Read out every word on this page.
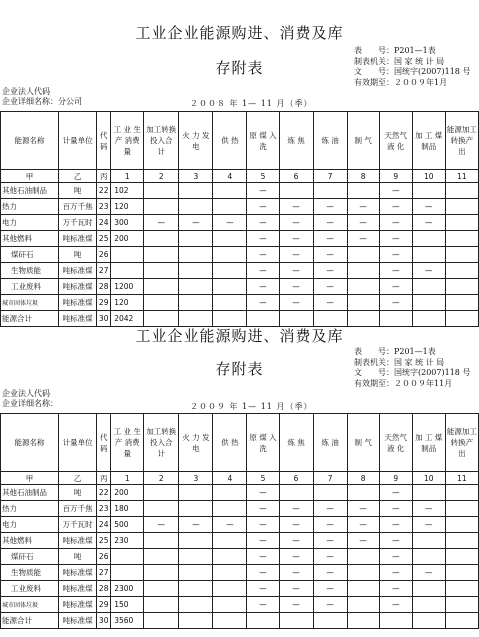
工业企业能源购进、消费及库
存附表
表　　号：P201—1表
制表机关：国 家 统 计 局
文　　号：国统字(2007)118 号
有效期至：２００９年1月
企业法人代码
企业详细名称：分公司	２００８ 年 1— 11 月（季）
能源名称	计量单位	代码	工 业 生 产 消费量	加工转换投入合 计	火 力 发 电	供 热	原 煤 入 洗	炼 焦	炼 油	制 气	天然气 液 化	加 工 煤制品	能源加工转换产 出
甲	乙	丙	1	2	3	4	5	6	7	8	9	10	11
其他石油制品	吨	22	102				—				—		
热力	百万千焦	23	120				—	—	—	—	—	—	
电力	万千瓦时	24	300	—	—	—	—	—	—	—	—	—	
其他燃料	吨标准煤	25	200				—	—	—	—	—		
煤矸石	吨	26					—	—	—		—		
生物质能	吨标准煤	27					—	—	—		—	—	
工业废料	吨标准煤	28	1200				—	—	—		—		
城市固体垃圾	吨标准煤	29	120				—	—	—		—		
能源合计	吨标准煤	30	2042										
工业企业能源购进、消费及库
存附表
表　　号：P201—1表
制表机关：国 家 统 计 局
文　　号：国统字(2007)118 号
有效期至：２００９年11月
企业法人代码
企业详细名称：	２００９ 年 1— 11 月（季）
能源名称	计量单位	代码	工 业 生 产 消费量	加工转换投入合 计	火 力 发 电	供 热	原 煤 入 洗	炼 焦	炼 油	制 气	天然气 液 化	加 工 煤制品	能源加工转换产 出
甲	乙	丙	1	2	3	4	5	6	7	8	9	10	11
其他石油制品	吨	22	200				—				—		
热力	百万千焦	23	180				—	—	—	—	—	—	
电力	万千瓦时	24	500	—	—	—	—	—	—	—	—	—	
其他燃料	吨标准煤	25	230				—	—	—	—	—		
煤矸石	吨	26					—	—	—		—		
生物质能	吨标准煤	27					—	—	—		—	—	
工业废料	吨标准煤	28	2300				—	—	—		—		
城市固体垃圾	吨标准煤	29	150				—	—	—		—		
能源合计	吨标准煤	30	3560										
